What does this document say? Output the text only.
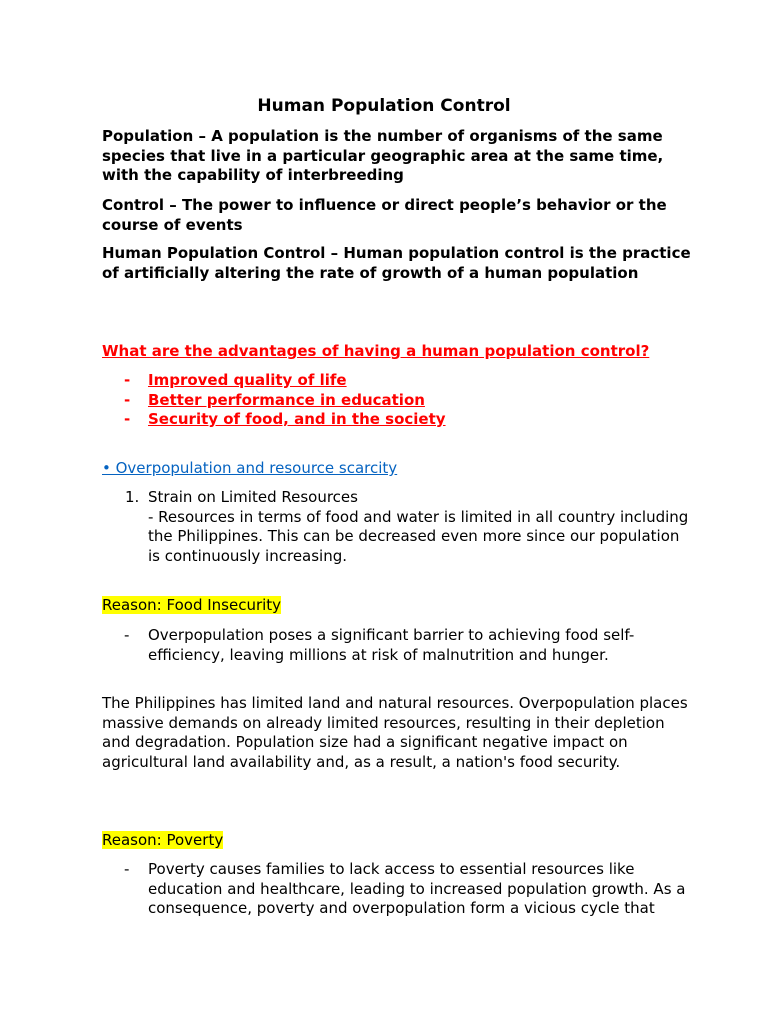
Human Population Control
Population – A population is the number of organisms of the same species that live in a particular geographic area at the same time, with the capability of interbreeding
Control – The power to influence or direct people’s behavior or the course of events
Human Population Control – Human population control is the practice of artificially altering the rate of growth of a human population
What are the advantages of having a human population control?
- Improved quality of life
- Better performance in education
- Security of food, and in the society
• Overpopulation and resource scarcity
1. Strain on Limited Resources
- Resources in terms of food and water is limited in all country including the Philippines. This can be decreased even more since our population is continuously increasing.
Reason: Food Insecurity
- Overpopulation poses a significant barrier to achieving food self-efficiency, leaving millions at risk of malnutrition and hunger.
The Philippines has limited land and natural resources. Overpopulation places massive demands on already limited resources, resulting in their depletion and degradation. Population size had a significant negative impact on agricultural land availability and, as a result, a nation's food security.
Reason: Poverty
- Poverty causes families to lack access to essential resources like education and healthcare, leading to increased population growth. As a consequence, poverty and overpopulation form a vicious cycle that
